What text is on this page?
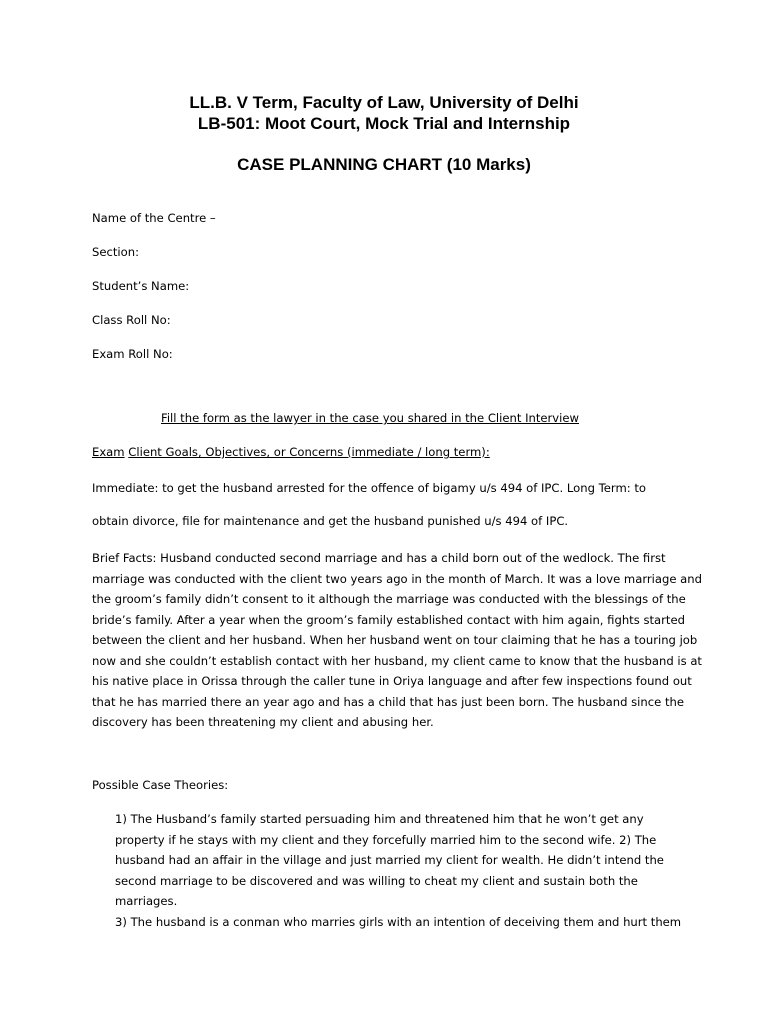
LL.B. V Term, Faculty of Law, University of Delhi
LB-501: Moot Court, Mock Trial and Internship
CASE PLANNING CHART (10 Marks)
Name of the Centre –
Section:
Student’s Name:
Class Roll No:
Exam Roll No:
Fill the form as the lawyer in the case you shared in the Client Interview
Exam Client Goals, Objectives, or Concerns (immediate / long term):
Immediate: to get the husband arrested for the offence of bigamy u/s 494 of IPC. Long Term: to
obtain divorce, file for maintenance and get the husband punished u/s 494 of IPC.
Brief Facts: Husband conducted second marriage and has a child born out of the wedlock. The first
marriage was conducted with the client two years ago in the month of March. It was a love marriage and
the groom’s family didn’t consent to it although the marriage was conducted with the blessings of the
bride’s family. After a year when the groom’s family established contact with him again, fights started
between the client and her husband. When her husband went on tour claiming that he has a touring job
now and she couldn’t establish contact with her husband, my client came to know that the husband is at
his native place in Orissa through the caller tune in Oriya language and after few inspections found out
that he has married there an year ago and has a child that has just been born. The husband since the
discovery has been threatening my client and abusing her.
Possible Case Theories:
1) The Husband’s family started persuading him and threatened him that he won’t get any
property if he stays with my client and they forcefully married him to the second wife. 2) The
husband had an affair in the village and just married my client for wealth. He didn’t intend the
second marriage to be discovered and was willing to cheat my client and sustain both the
marriages.
3) The husband is a conman who marries girls with an intention of deceiving them and hurt them
